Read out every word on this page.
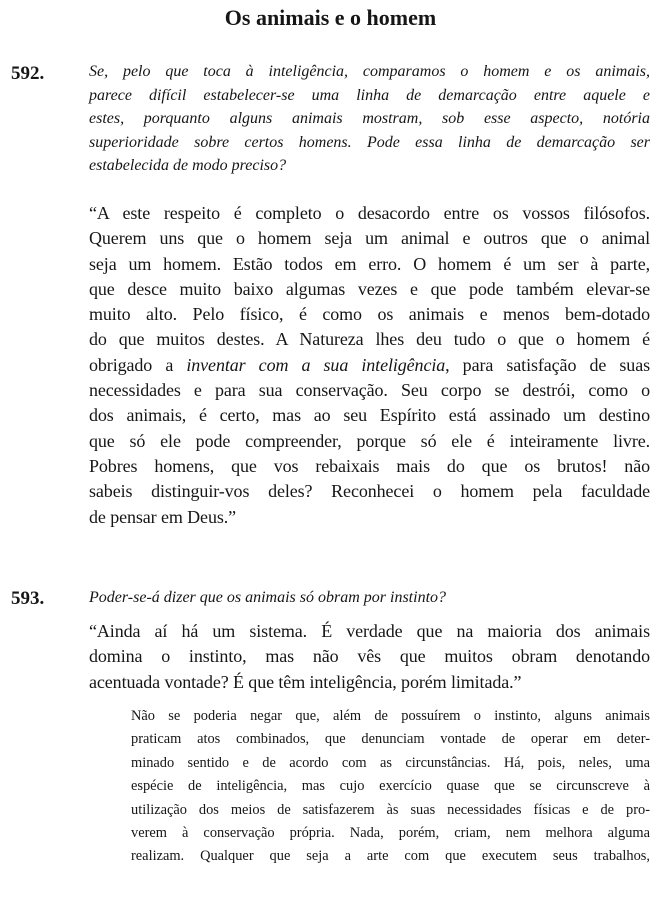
Os animais e o homem
592.	Se, pelo que toca à inteligência, comparamos o homem e os animais,
parece difícil estabelecer-se uma linha de demarcação entre aquele e
estes, porquanto alguns animais mostram, sob esse aspecto, notória
superioridade sobre certos homens. Pode essa linha de demarcação ser
estabelecida de modo preciso?

“A este respeito é completo o desacordo entre os vossos filósofos.
Querem uns que o homem seja um animal e outros que o animal
seja um homem. Estão todos em erro. O homem é um ser à parte,
que desce muito baixo algumas vezes e que pode também elevar-se
muito alto. Pelo físico, é como os animais e menos bem-dotado
do que muitos destes. A Natureza lhes deu tudo o que o homem é
obrigado a inventar com a sua inteligência, para satisfação de suas
necessidades e para sua conservação. Seu corpo se destrói, como o
dos animais, é certo, mas ao seu Espírito está assinado um destino
que só ele pode compreender, porque só ele é inteiramente livre.
Pobres homens, que vos rebaixais mais do que os brutos! não
sabeis distinguir-vos deles? Reconhecei o homem pela faculdade
de pensar em Deus.”

593.	Poder-se-á dizer que os animais só obram por instinto?

“Ainda aí há um sistema. É verdade que na maioria dos animais
domina o instinto, mas não vês que muitos obram denotando
acentuada vontade? É que têm inteligência, porém limitada.”

Não se poderia negar que, além de possuírem o instinto, alguns animais
praticam atos combinados, que denunciam vontade de operar em deter-
minado sentido e de acordo com as circunstâncias. Há, pois, neles, uma
espécie de inteligência, mas cujo exercício quase que se circunscreve à
utilização dos meios de satisfazerem às suas necessidades físicas e de pro-
verem à conservação própria. Nada, porém, criam, nem melhora alguma
realizam. Qualquer que seja a arte com que executem seus trabalhos,
